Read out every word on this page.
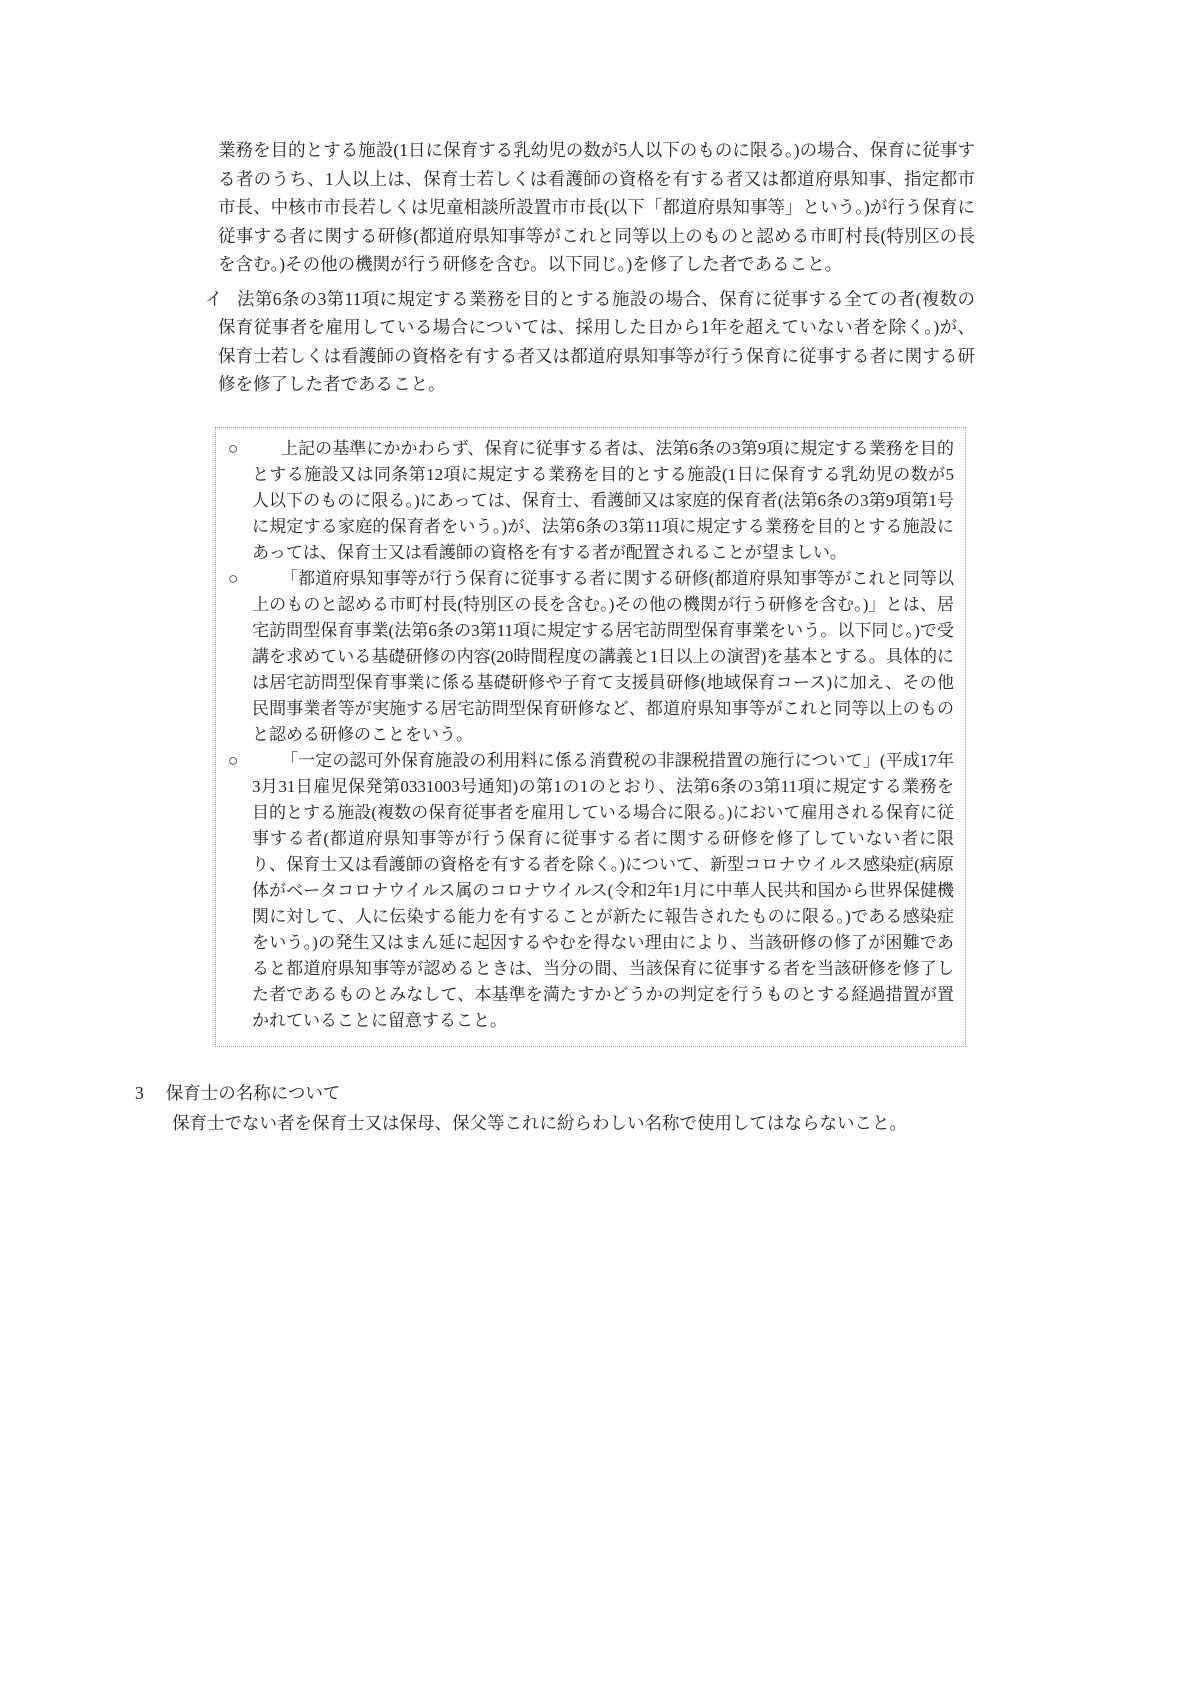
業務を目的とする施設(1日に保育する乳幼児の数が5人以下のものに限る。)の場合、保育に従事する者のうち、1人以上は、保育士若しくは看護師の資格を有する者又は都道府県知事、指定都市市長、中核市市長若しくは児童相談所設置市市長(以下「都道府県知事等」という。)が行う保育に従事する者に関する研修(都道府県知事等がこれと同等以上のものと認める市町村長(特別区の長を含む。)その他の機関が行う研修を含む。以下同じ。)を修了した者であること。

イ 法第6条の3第11項に規定する業務を目的とする施設の場合、保育に従事する全ての者(複数の保育従事者を雇用している場合については、採用した日から1年を超えていない者を除く。)が、保育士若しくは看護師の資格を有する者又は都道府県知事等が行う保育に従事する者に関する研修を修了した者であること。

○	上記の基準にかかわらず、保育に従事する者は、法第6条の3第9項に規定する業務を目的とする施設又は同条第12項に規定する業務を目的とする施設(1日に保育する乳幼児の数が5人以下のものに限る。)にあっては、保育士、看護師又は家庭的保育者(法第6条の3第9項第1号に規定する家庭的保育者をいう。)が、法第6条の3第11項に規定する業務を目的とする施設にあっては、保育士又は看護師の資格を有する者が配置されることが望ましい。

○	「都道府県知事等が行う保育に従事する者に関する研修(都道府県知事等がこれと同等以上のものと認める市町村長(特別区の長を含む。)その他の機関が行う研修を含む。)」とは、居宅訪問型保育事業(法第6条の3第11項に規定する居宅訪問型保育事業をいう。以下同じ。)で受講を求めている基礎研修の内容(20時間程度の講義と1日以上の演習)を基本とする。具体的には居宅訪問型保育事業に係る基礎研修や子育て支援員研修(地域保育コース)に加え、その他民間事業者等が実施する居宅訪問型保育研修など、都道府県知事等がこれと同等以上のものと認める研修のことをいう。

○	「一定の認可外保育施設の利用料に係る消費税の非課税措置の施行について」(平成17年3月31日雇児保発第0331003号通知)の第1の1のとおり、法第6条の3第11項に規定する業務を目的とする施設(複数の保育従事者を雇用している場合に限る。)において雇用される保育に従事する者(都道府県知事等が行う保育に従事する者に関する研修を修了していない者に限り、保育士又は看護師の資格を有する者を除く。)について、新型コロナウイルス感染症(病原体がベータコロナウイルス属のコロナウイルス(令和2年1月に中華人民共和国から世界保健機関に対して、人に伝染する能力を有することが新たに報告されたものに限る。)である感染症をいう。)の発生又はまん延に起因するやむを得ない理由により、当該研修の修了が困難であると都道府県知事等が認めるときは、当分の間、当該保育に従事する者を当該研修を修了した者であるものとみなして、本基準を満たすかどうかの判定を行うものとする経過措置が置かれていることに留意すること。

3 保育士の名称について

保育士でない者を保育士又は保母、保父等これに紛らわしい名称で使用してはならないこと。
